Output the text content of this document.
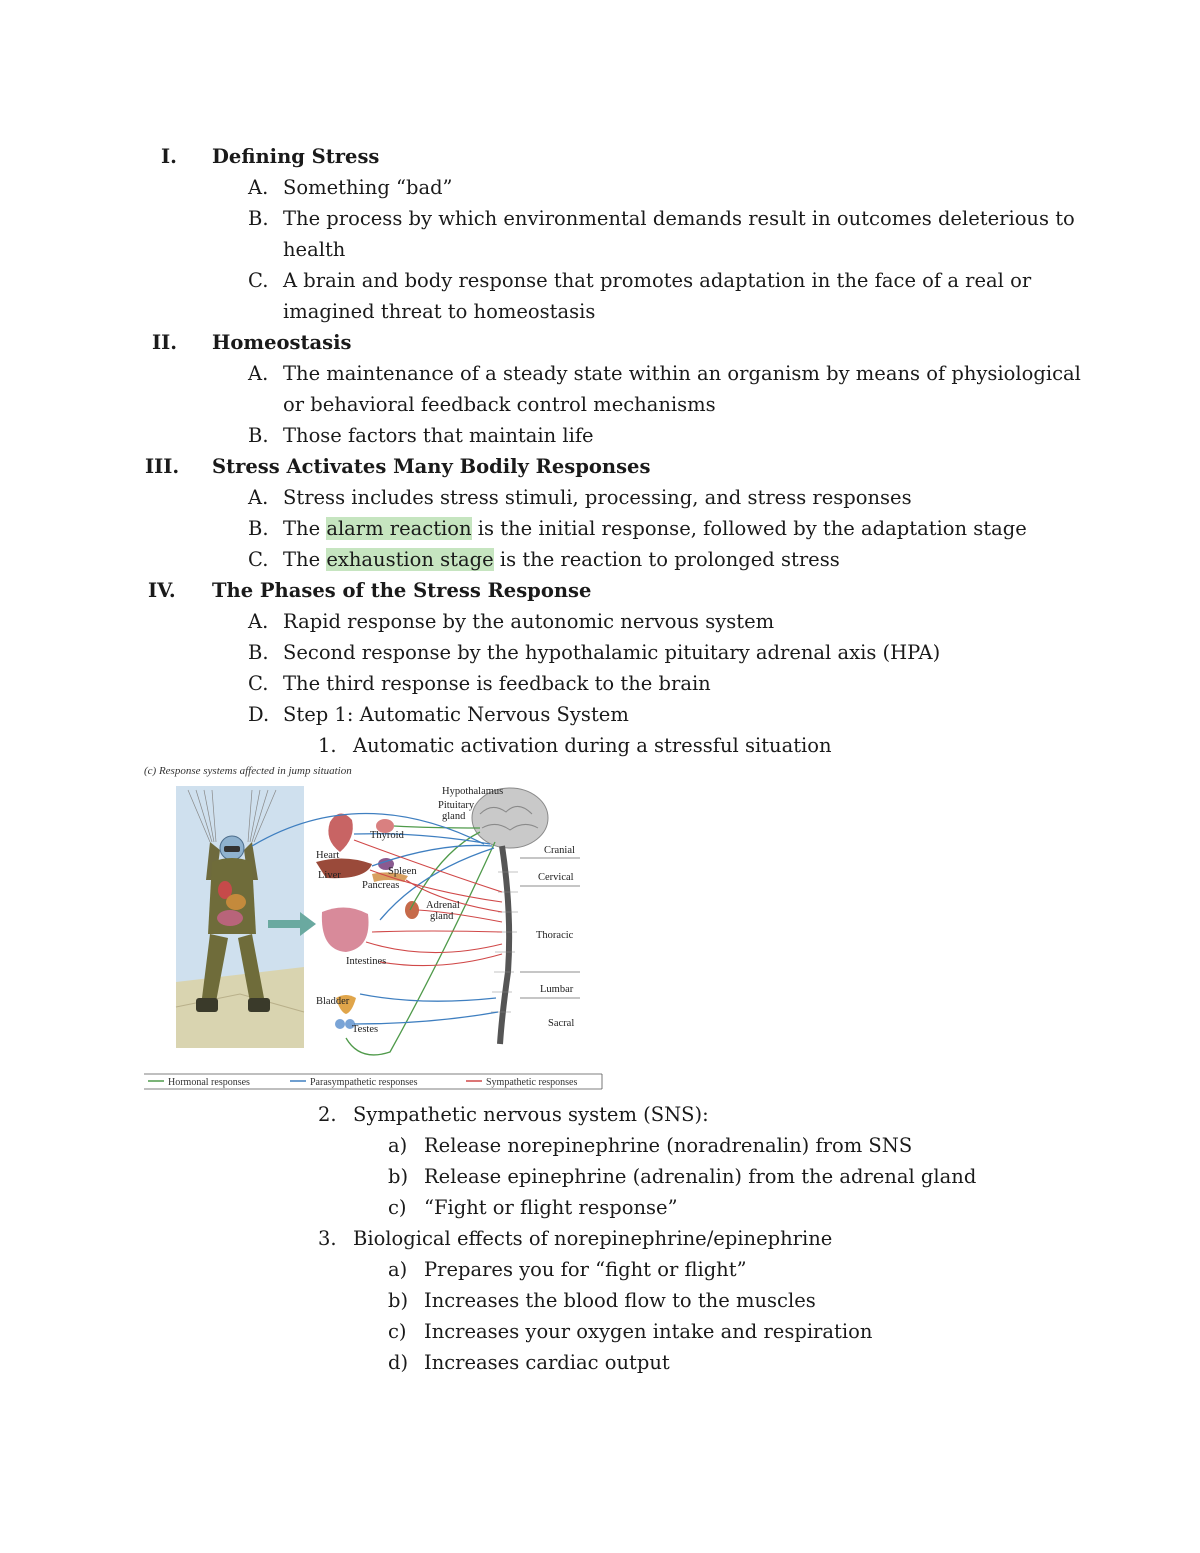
I. Defining Stress
A. Something “bad”
B. The process by which environmental demands result in outcomes deleterious to
health
C. A brain and body response that promotes adaptation in the face of a real or
imagined threat to homeostasis
II. Homeostasis
A. The maintenance of a steady state within an organism by means of physiological
or behavioral feedback control mechanisms
B. Those factors that maintain life
III. Stress Activates Many Bodily Responses
A. Stress includes stress stimuli, processing, and stress responses
B. The alarm reaction is the initial response, followed by the adaptation stage
C. The exhaustion stage is the reaction to prolonged stress
IV. The Phases of the Stress Response
A. Rapid response by the autonomic nervous system
B. Second response by the hypothalamic pituitary adrenal axis (HPA)
C. The third response is feedback to the brain
D. Step 1: Automatic Nervous System
1. Automatic activation during a stressful situation
(c) Response systems affected in jump situation
Hypothalamus
Pituitary
gland
Thyroid
Heart
Spleen
Liver
Pancreas
Adrenal
gland
Intestines
Bladder
Testes
Cranial
Cervical
Thoracic
Lumbar
Sacral
Hormonal responses	Parasympathetic responses	Sympathetic responses
2. Sympathetic nervous system (SNS):
a) Release norepinephrine (noradrenalin) from SNS
b) Release epinephrine (adrenalin) from the adrenal gland
c) “Fight or flight response”
3. Biological effects of norepinephrine/epinephrine
a) Prepares you for “fight or flight”
b) Increases the blood flow to the muscles
c) Increases your oxygen intake and respiration
d) Increases cardiac output
